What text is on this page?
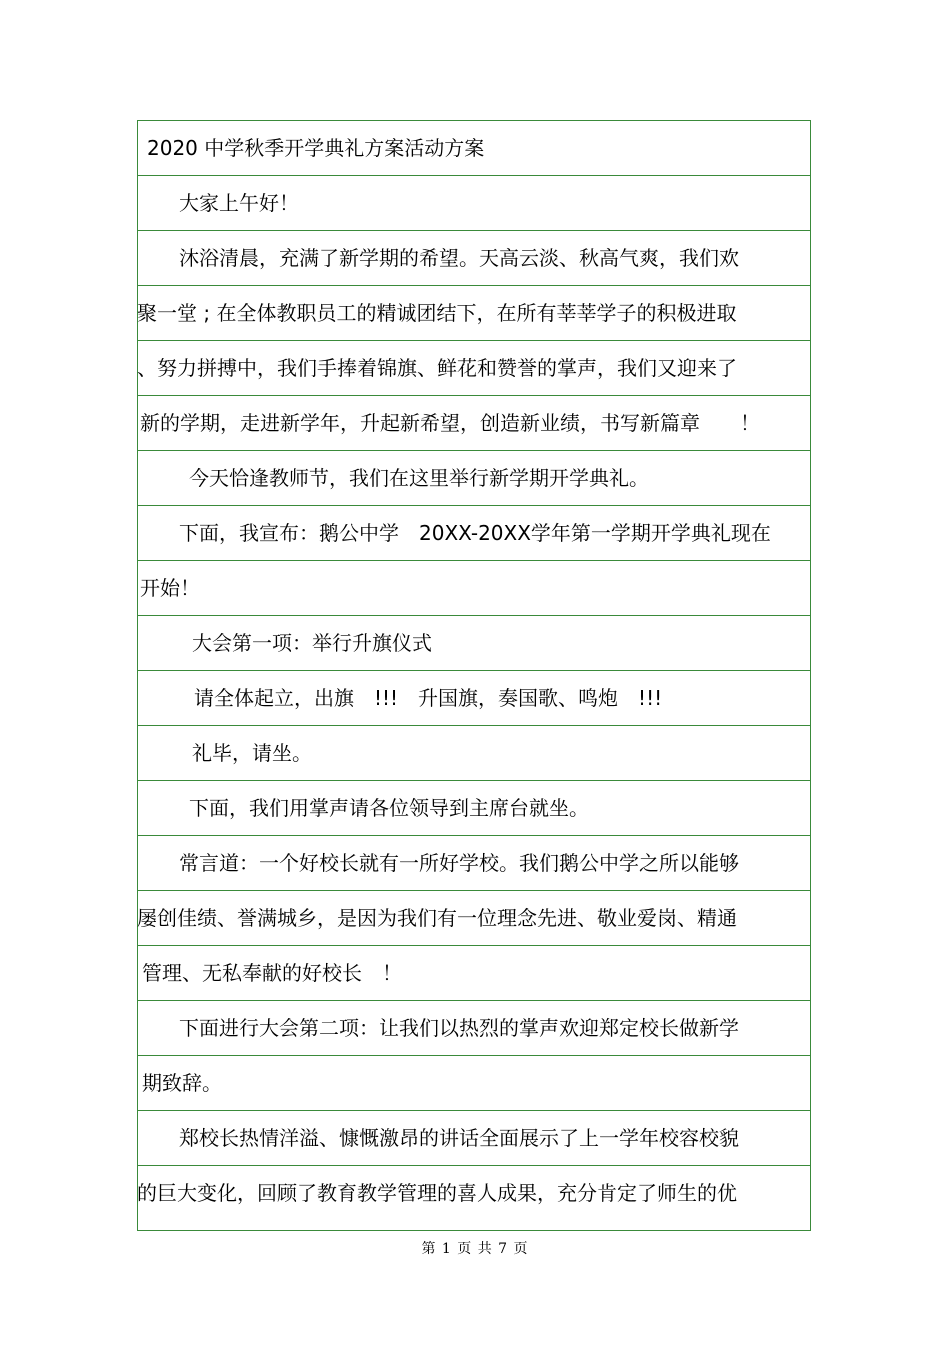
2020 中学秋季开学典礼方案活动方案
大家上午好！
沐浴清晨，充满了新学期的希望。天高云淡、秋高气爽，我们欢
聚一堂 ; 在全体教职员工的精诚团结下，在所有莘莘学子的积极进取
、努力拼搏中，我们手捧着锦旗、鲜花和赞誉的掌声，我们又迎来了
新的学期，走进新学年，升起新希望，创造新业绩，书写新篇章　　！
今天恰逢教师节，我们在这里举行新学期开学典礼。
下面，我宣布：鹅公中学　20XX-20XX学年第一学期开学典礼现在
开始！
大会第一项：举行升旗仪式
请全体起立，出旗　!!!　升国旗，奏国歌、鸣炮　!!!
礼毕，请坐。
下面，我们用掌声请各位领导到主席台就坐。
常言道：一个好校长就有一所好学校。我们鹅公中学之所以能够
屡创佳绩、誉满城乡，是因为我们有一位理念先进、敬业爱岗、精通
管理、无私奉献的好校长　！
下面进行大会第二项：让我们以热烈的掌声欢迎郑定校长做新学
期致辞。
郑校长热情洋溢、慷慨激昂的讲话全面展示了上一学年校容校貌
的巨大变化，回顾了教育教学管理的喜人成果，充分肯定了师生的优
第 1 页 共 7 页
